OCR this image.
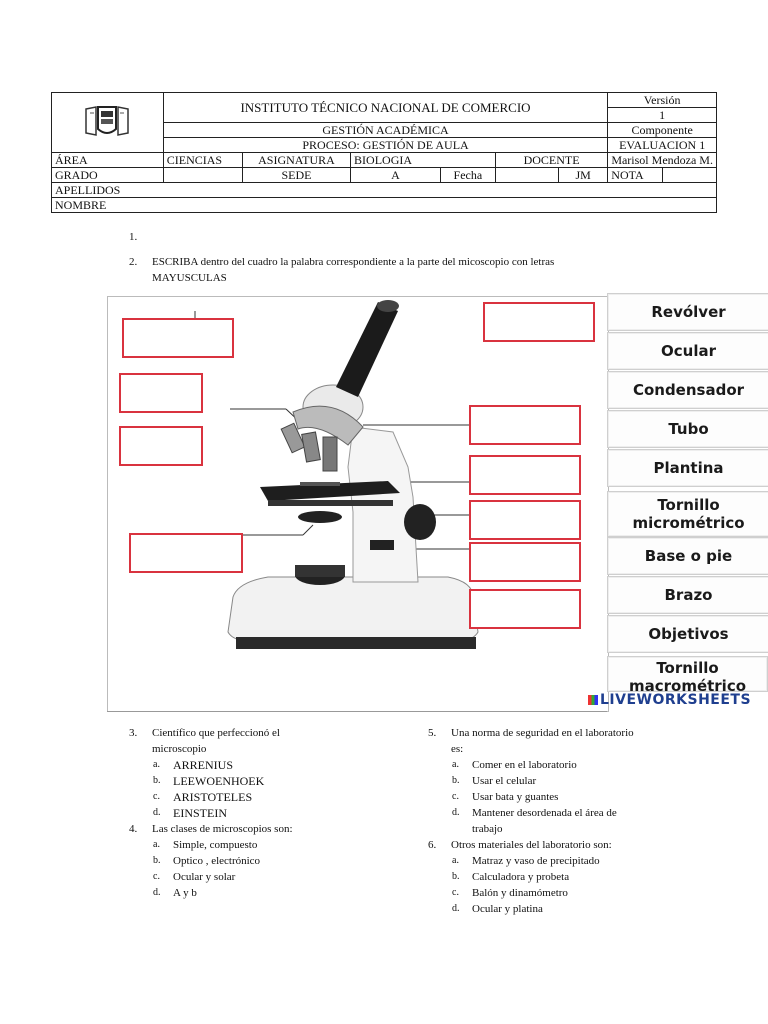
	INSTITUTO TÉCNICO NACIONAL DE COMERCIO						Versión	
							1	
	GESTIÓN ACADÉMICA						Componente	
	PROCESO: GESTIÓN DE AULA						EVALUACION 1	
ÁREA	CIENCIAS	ASIGNATURA	BIOLOGIA		DOCENTE		Marisol Mendoza M.	
GRADO		SEDE	A	Fecha		JM	NOTA	
APELLIDOS								
NOMBRE								
1.
2. ESCRIBA dentro del cuadro la palabra correspondiente a la parte del micoscopio con letras
MAYUSCULAS
Revólver
Ocular
Condensador
Tubo
Plantina
Tornillo micrométrico
Base o pie
Brazo
Objetivos
Tornillo macrométrico
LIVEWORKSHEETS
3. Científico que perfeccionó el
microscopio
a. ARRENIUS
b. LEEWOENHOEK
c. ARISTOTELES
d. EINSTEIN
4. Las clases de microscopios son:
a. Simple, compuesto
b. Optico , electrónico
c. Ocular y solar
d. A y b
5. Una norma de seguridad en el laboratorio
es:
a. Comer en el laboratorio
b. Usar el celular
c. Usar bata y guantes
d. Mantener desordenada el área de
trabajo
6. Otros materiales del laboratorio son:
a. Matraz y vaso de precipitado
b. Calculadora y probeta
c. Balón y dinamómetro
d. Ocular y platina
